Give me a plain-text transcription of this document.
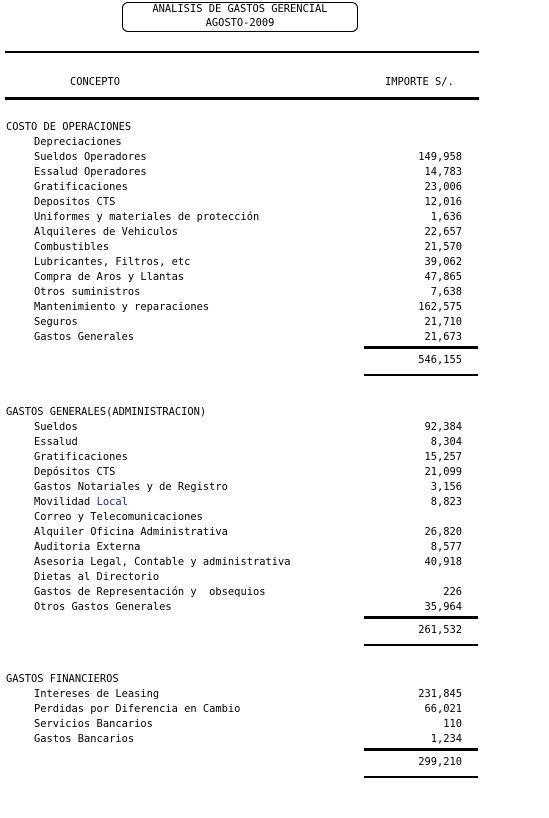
ANALISIS DE GASTOS GERENCIAL
AGOSTO-2009
CONCEPTO	IMPORTE S/.
COSTO DE OPERACIONES
Depreciaciones
Sueldos Operadores	149,958
Essalud Operadores	14,783
Gratificaciones	23,006
Depositos CTS	12,016
Uniformes y materiales de protección	1,636
Alquileres de Vehiculos	22,657
Combustibles	21,570
Lubricantes, Filtros, etc	39,062
Compra de Aros y Llantas	47,865
Otros suministros	7,638
Mantenimiento y reparaciones	162,575
Seguros	21,710
Gastos Generales	21,673
546,155
GASTOS GENERALES(ADMINISTRACION)
Sueldos	92,384
Essalud	8,304
Gratificaciones	15,257
Depósitos CTS	21,099
Gastos Notariales y de Registro	3,156
Movilidad Local	8,823
Correo y Telecomunicaciones
Alquiler Oficina Administrativa	26,820
Auditoria Externa	8,577
Asesoria Legal, Contable y administrativa	40,918
Dietas al Directorio
Gastos de Representación y  obsequios	226
Otros Gastos Generales	35,964
261,532
GASTOS FINANCIEROS
Intereses de Leasing	231,845
Perdidas por Diferencia en Cambio	66,021
Servicios Bancarios	110
Gastos Bancarios	1,234
299,210
